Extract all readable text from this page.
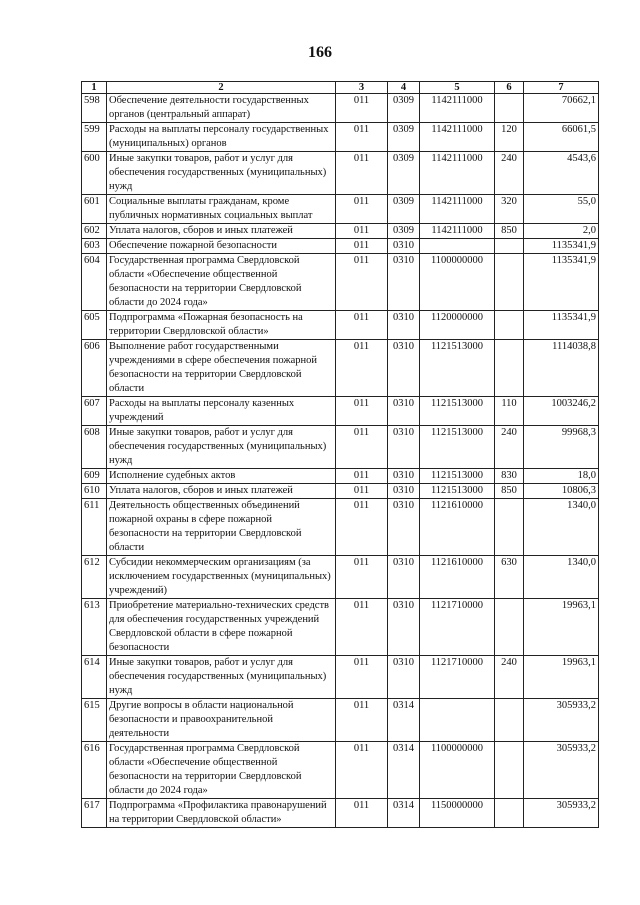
166
1	2	3	4	5	6	7
598	Обеспечение деятельности государственных органов (центральный аппарат)	011	0309	1142111000		70662,1
599	Расходы на выплаты персоналу государственных (муниципальных) органов	011	0309	1142111000	120	66061,5
600	Иные закупки товаров, работ и услуг для обеспечения государственных (муниципальных) нужд	011	0309	1142111000	240	4543,6
601	Социальные выплаты гражданам, кроме публичных нормативных социальных выплат	011	0309	1142111000	320	55,0
602	Уплата налогов, сборов и иных платежей	011	0309	1142111000	850	2,0
603	Обеспечение пожарной безопасности	011	0310			1135341,9
604	Государственная программа Свердловской области «Обеспечение общественной безопасности на территории Свердловской области до 2024 года»	011	0310	1100000000		1135341,9
605	Подпрограмма «Пожарная безопасность на территории Свердловской области»	011	0310	1120000000		1135341,9
606	Выполнение работ государственными учреждениями в сфере обеспечения пожарной безопасности на территории Свердловской области	011	0310	1121513000		1114038,8
607	Расходы на выплаты персоналу казенных учреждений	011	0310	1121513000	110	1003246,2
608	Иные закупки товаров, работ и услуг для обеспечения государственных (муниципальных) нужд	011	0310	1121513000	240	99968,3
609	Исполнение судебных актов	011	0310	1121513000	830	18,0
610	Уплата налогов, сборов и иных платежей	011	0310	1121513000	850	10806,3
611	Деятельность общественных объединений пожарной охраны в сфере пожарной безопасности на территории Свердловской области	011	0310	1121610000		1340,0
612	Субсидии некоммерческим организациям (за исключением государственных (муниципальных) учреждений)	011	0310	1121610000	630	1340,0
613	Приобретение материально-технических средств для обеспечения государственных учреждений Свердловской области в сфере пожарной безопасности	011	0310	1121710000		19963,1
614	Иные закупки товаров, работ и услуг для обеспечения государственных (муниципальных) нужд	011	0310	1121710000	240	19963,1
615	Другие вопросы в области национальной безопасности и правоохранительной деятельности	011	0314			305933,2
616	Государственная программа Свердловской области «Обеспечение общественной безопасности на территории Свердловской области до 2024 года»	011	0314	1100000000		305933,2
617	Подпрограмма «Профилактика правонарушений на территории Свердловской области»	011	0314	1150000000		305933,2
